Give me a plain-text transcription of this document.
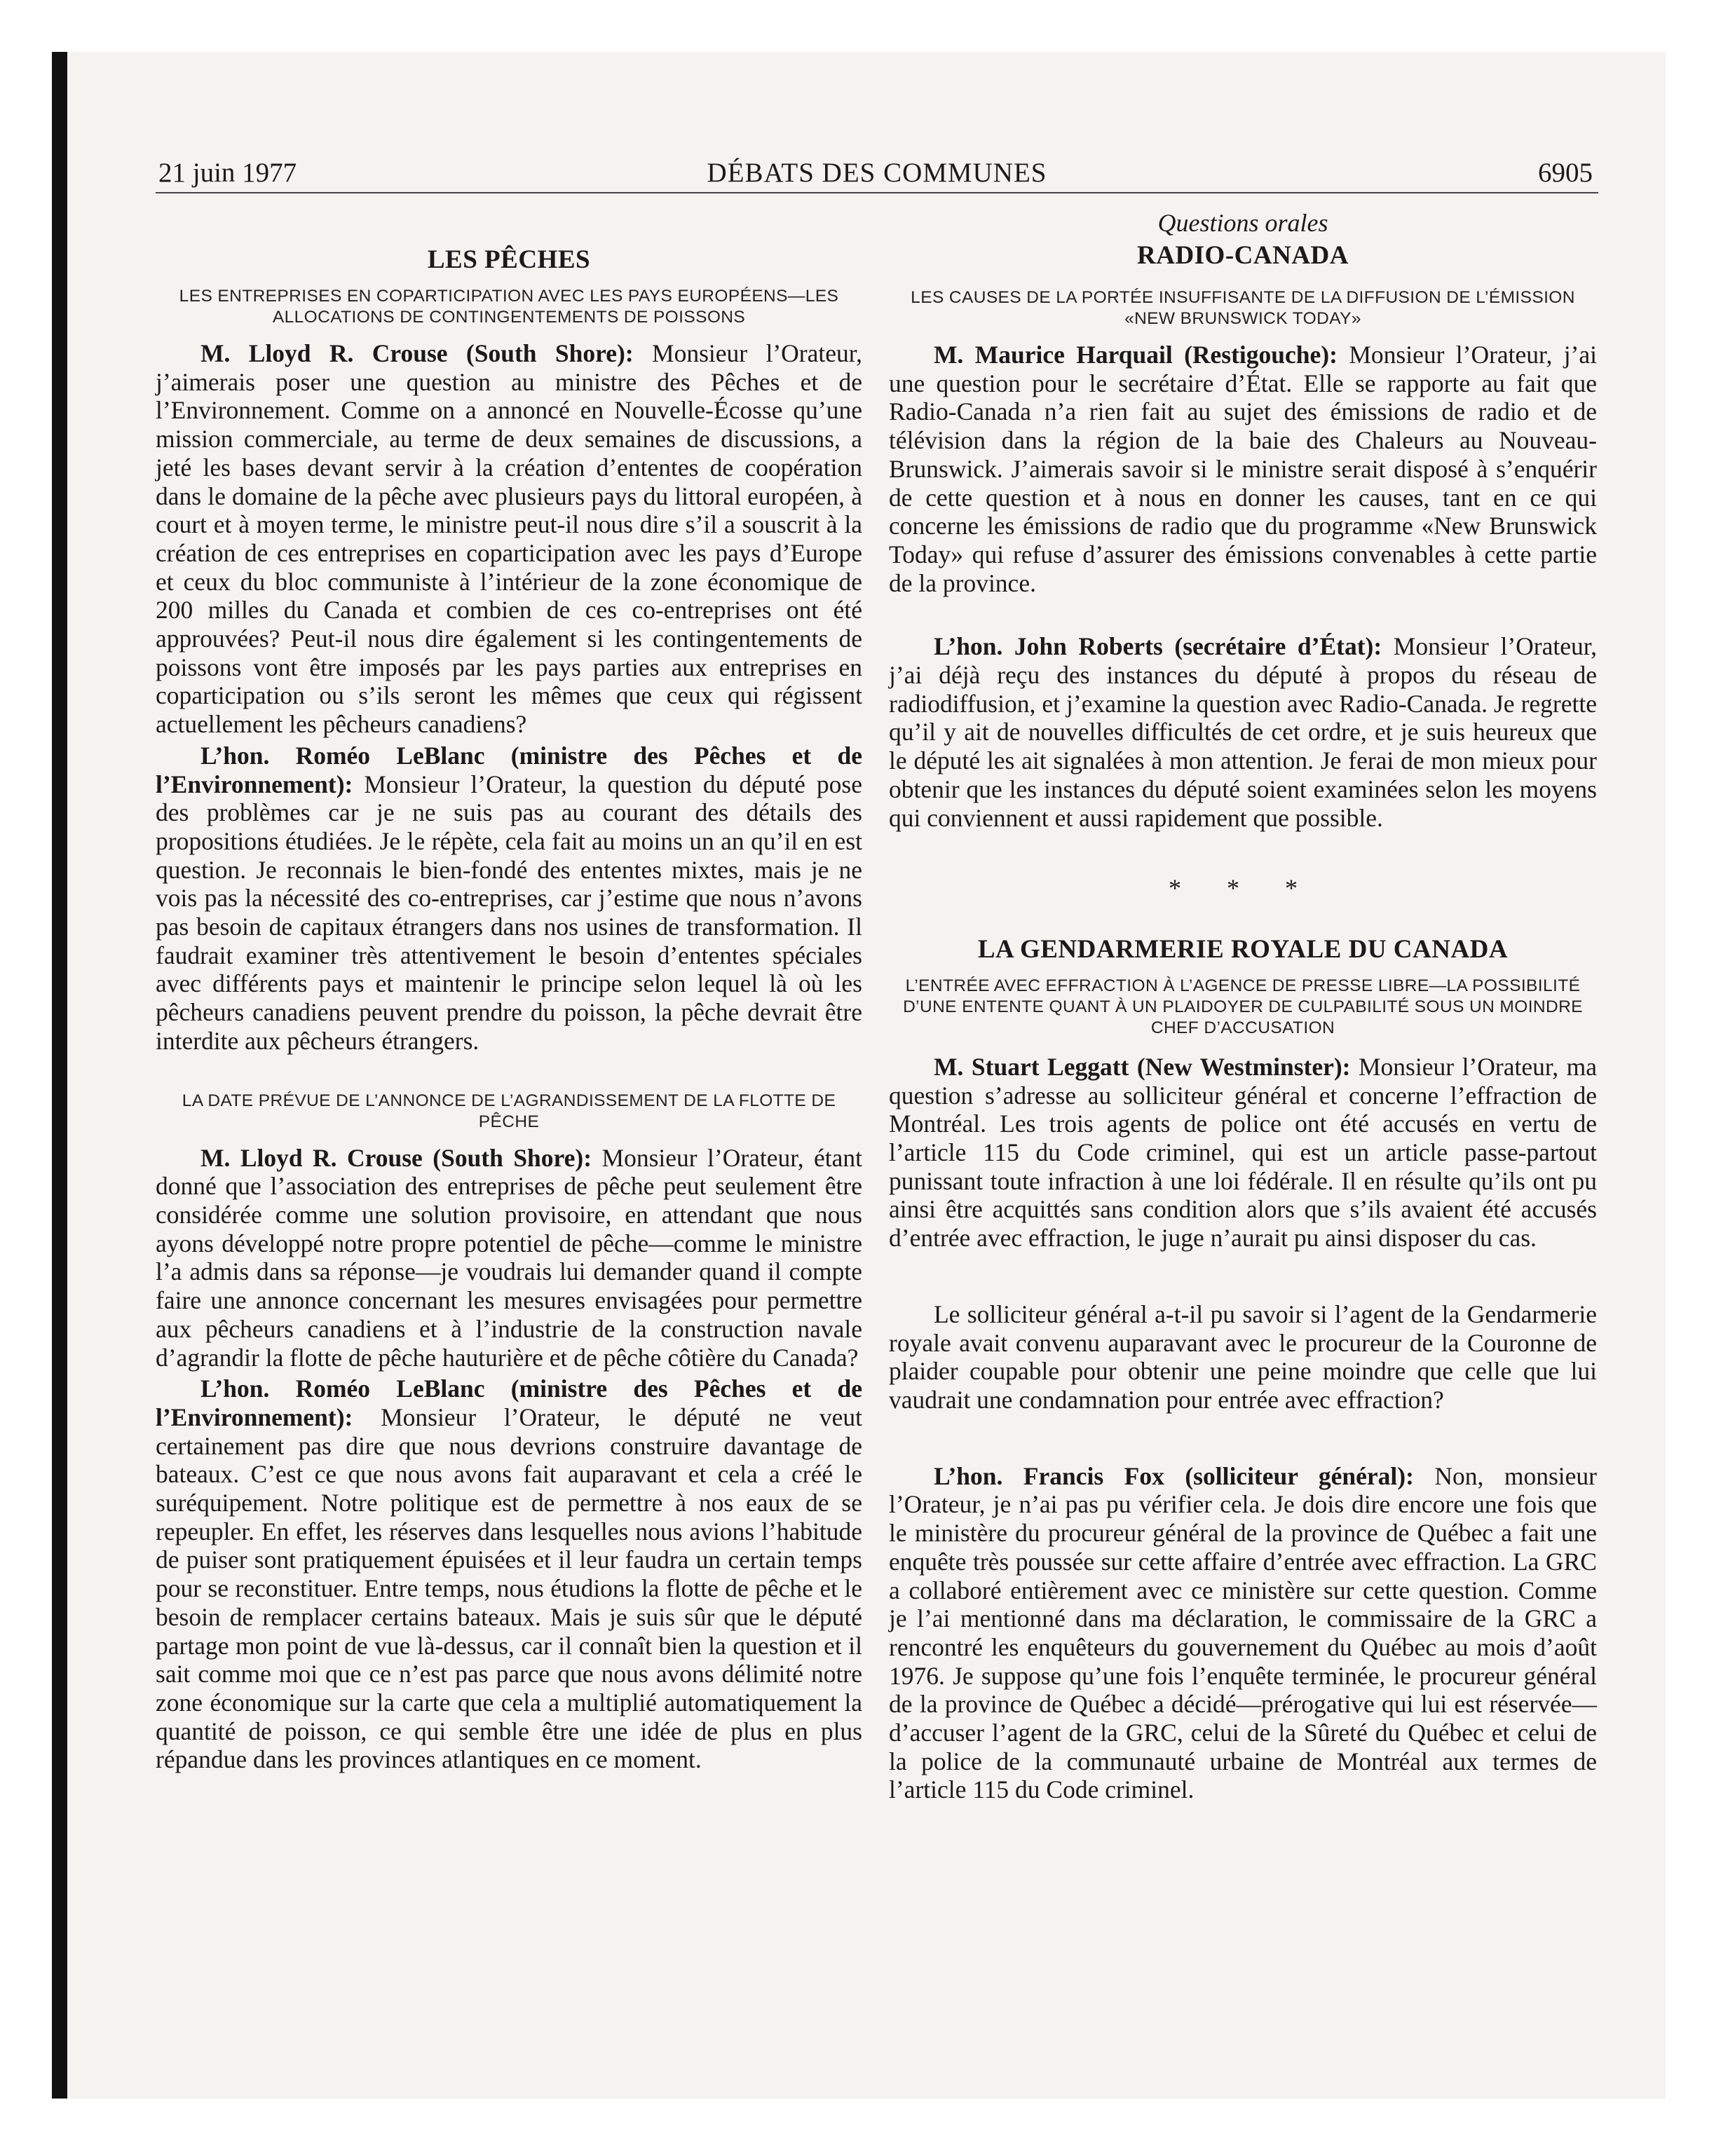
21 juin 1977	DÉBATS DES COMMUNES	6905
LES PÊCHES

LES ENTREPRISES EN COPARTICIPATION AVEC LES PAYS EUROPÉENS—LES ALLOCATIONS DE CONTINGENTEMENTS DE POISSONS

M. Lloyd R. Crouse (South Shore): Monsieur l’Orateur, j’aimerais poser une question au ministre des Pêches et de l’Environnement. Comme on a annoncé en Nouvelle-Écosse qu’une mission commerciale, au terme de deux semaines de discussions, a jeté les bases devant servir à la création d’ententes de coopération dans le domaine de la pêche avec plusieurs pays du littoral européen, à court et à moyen terme, le ministre peut-il nous dire s’il a souscrit à la création de ces entreprises en coparticipation avec les pays d’Europe et ceux du bloc communiste à l’intérieur de la zone économique de 200 milles du Canada et combien de ces co-entreprises ont été approuvées? Peut-il nous dire également si les contingentements de poissons vont être imposés par les pays parties aux entreprises en coparticipation ou s’ils seront les mêmes que ceux qui régissent actuellement les pêcheurs canadiens?

L’hon. Roméo LeBlanc (ministre des Pêches et de l’Environnement): Monsieur l’Orateur, la question du député pose des problèmes car je ne suis pas au courant des détails des propositions étudiées. Je le répète, cela fait au moins un an qu’il en est question. Je reconnais le bien-fondé des ententes mixtes, mais je ne vois pas la nécessité des co-entreprises, car j’estime que nous n’avons pas besoin de capitaux étrangers dans nos usines de transformation. Il faudrait examiner très attentivement le besoin d’ententes spéciales avec différents pays et maintenir le principe selon lequel là où les pêcheurs canadiens peuvent prendre du poisson, la pêche devrait être interdite aux pêcheurs étrangers.

LA DATE PRÉVUE DE L’ANNONCE DE L’AGRANDISSEMENT DE LA FLOTTE DE PÊCHE

M. Lloyd R. Crouse (South Shore): Monsieur l’Orateur, étant donné que l’association des entreprises de pêche peut seulement être considérée comme une solution provisoire, en attendant que nous ayons développé notre propre potentiel de pêche—comme le ministre l’a admis dans sa réponse—je voudrais lui demander quand il compte faire une annonce concernant les mesures envisagées pour permettre aux pêcheurs canadiens et à l’industrie de la construction navale d’agrandir la flotte de pêche hauturière et de pêche côtière du Canada?

L’hon. Roméo LeBlanc (ministre des Pêches et de l’Environnement): Monsieur l’Orateur, le député ne veut certainement pas dire que nous devrions construire davantage de bateaux. C’est ce que nous avons fait auparavant et cela a créé le suréquipement. Notre politique est de permettre à nos eaux de se repeupler. En effet, les réserves dans lesquelles nous avions l’habitude de puiser sont pratiquement épuisées et il leur faudra un certain temps pour se reconstituer. Entre temps, nous étudions la flotte de pêche et le besoin de remplacer certains bateaux. Mais je suis sûr que le député partage mon point de vue là-dessus, car il connaît bien la question et il sait comme moi que ce n’est pas parce que nous avons délimité notre zone économique sur la carte que cela a multiplié automatiquement la quantité de poisson, ce qui semble être une idée de plus en plus répandue dans les provinces atlantiques en ce moment.

Questions orales

RADIO-CANADA

LES CAUSES DE LA PORTÉE INSUFFISANTE DE LA DIFFUSION DE L’ÉMISSION «NEW BRUNSWICK TODAY»

M. Maurice Harquail (Restigouche): Monsieur l’Orateur, j’ai une question pour le secrétaire d’État. Elle se rapporte au fait que Radio-Canada n’a rien fait au sujet des émissions de radio et de télévision dans la région de la baie des Chaleurs au Nouveau-Brunswick. J’aimerais savoir si le ministre serait disposé à s’enquérir de cette question et à nous en donner les causes, tant en ce qui concerne les émissions de radio que du programme «New Brunswick Today» qui refuse d’assurer des émissions convenables à cette partie de la province.

L’hon. John Roberts (secrétaire d’État): Monsieur l’Orateur, j’ai déjà reçu des instances du député à propos du réseau de radiodiffusion, et j’examine la question avec Radio-Canada. Je regrette qu’il y ait de nouvelles difficultés de cet ordre, et je suis heureux que le député les ait signalées à mon attention. Je ferai de mon mieux pour obtenir que les instances du député soient examinées selon les moyens qui conviennent et aussi rapidement que possible.

* * *

LA GENDARMERIE ROYALE DU CANADA

L’ENTRÉE AVEC EFFRACTION À L’AGENCE DE PRESSE LIBRE—LA POSSIBILITÉ D’UNE ENTENTE QUANT À UN PLAIDOYER DE CULPABILITÉ SOUS UN MOINDRE CHEF D’ACCUSATION

M. Stuart Leggatt (New Westminster): Monsieur l’Orateur, ma question s’adresse au solliciteur général et concerne l’effraction de Montréal. Les trois agents de police ont été accusés en vertu de l’article 115 du Code criminel, qui est un article passe-partout punissant toute infraction à une loi fédérale. Il en résulte qu’ils ont pu ainsi être acquittés sans condition alors que s’ils avaient été accusés d’entrée avec effraction, le juge n’aurait pu ainsi disposer du cas.

Le solliciteur général a-t-il pu savoir si l’agent de la Gendarmerie royale avait convenu auparavant avec le procureur de la Couronne de plaider coupable pour obtenir une peine moindre que celle que lui vaudrait une condamnation pour entrée avec effraction?

L’hon. Francis Fox (solliciteur général): Non, monsieur l’Orateur, je n’ai pas pu vérifier cela. Je dois dire encore une fois que le ministère du procureur général de la province de Québec a fait une enquête très poussée sur cette affaire d’entrée avec effraction. La GRC a collaboré entièrement avec ce ministère sur cette question. Comme je l’ai mentionné dans ma déclaration, le commissaire de la GRC a rencontré les enquêteurs du gouvernement du Québec au mois d’août 1976. Je suppose qu’une fois l’enquête terminée, le procureur général de la province de Québec a décidé—prérogative qui lui est réservée—d’accuser l’agent de la GRC, celui de la Sûreté du Québec et celui de la police de la communauté urbaine de Montréal aux termes de l’article 115 du Code criminel.
